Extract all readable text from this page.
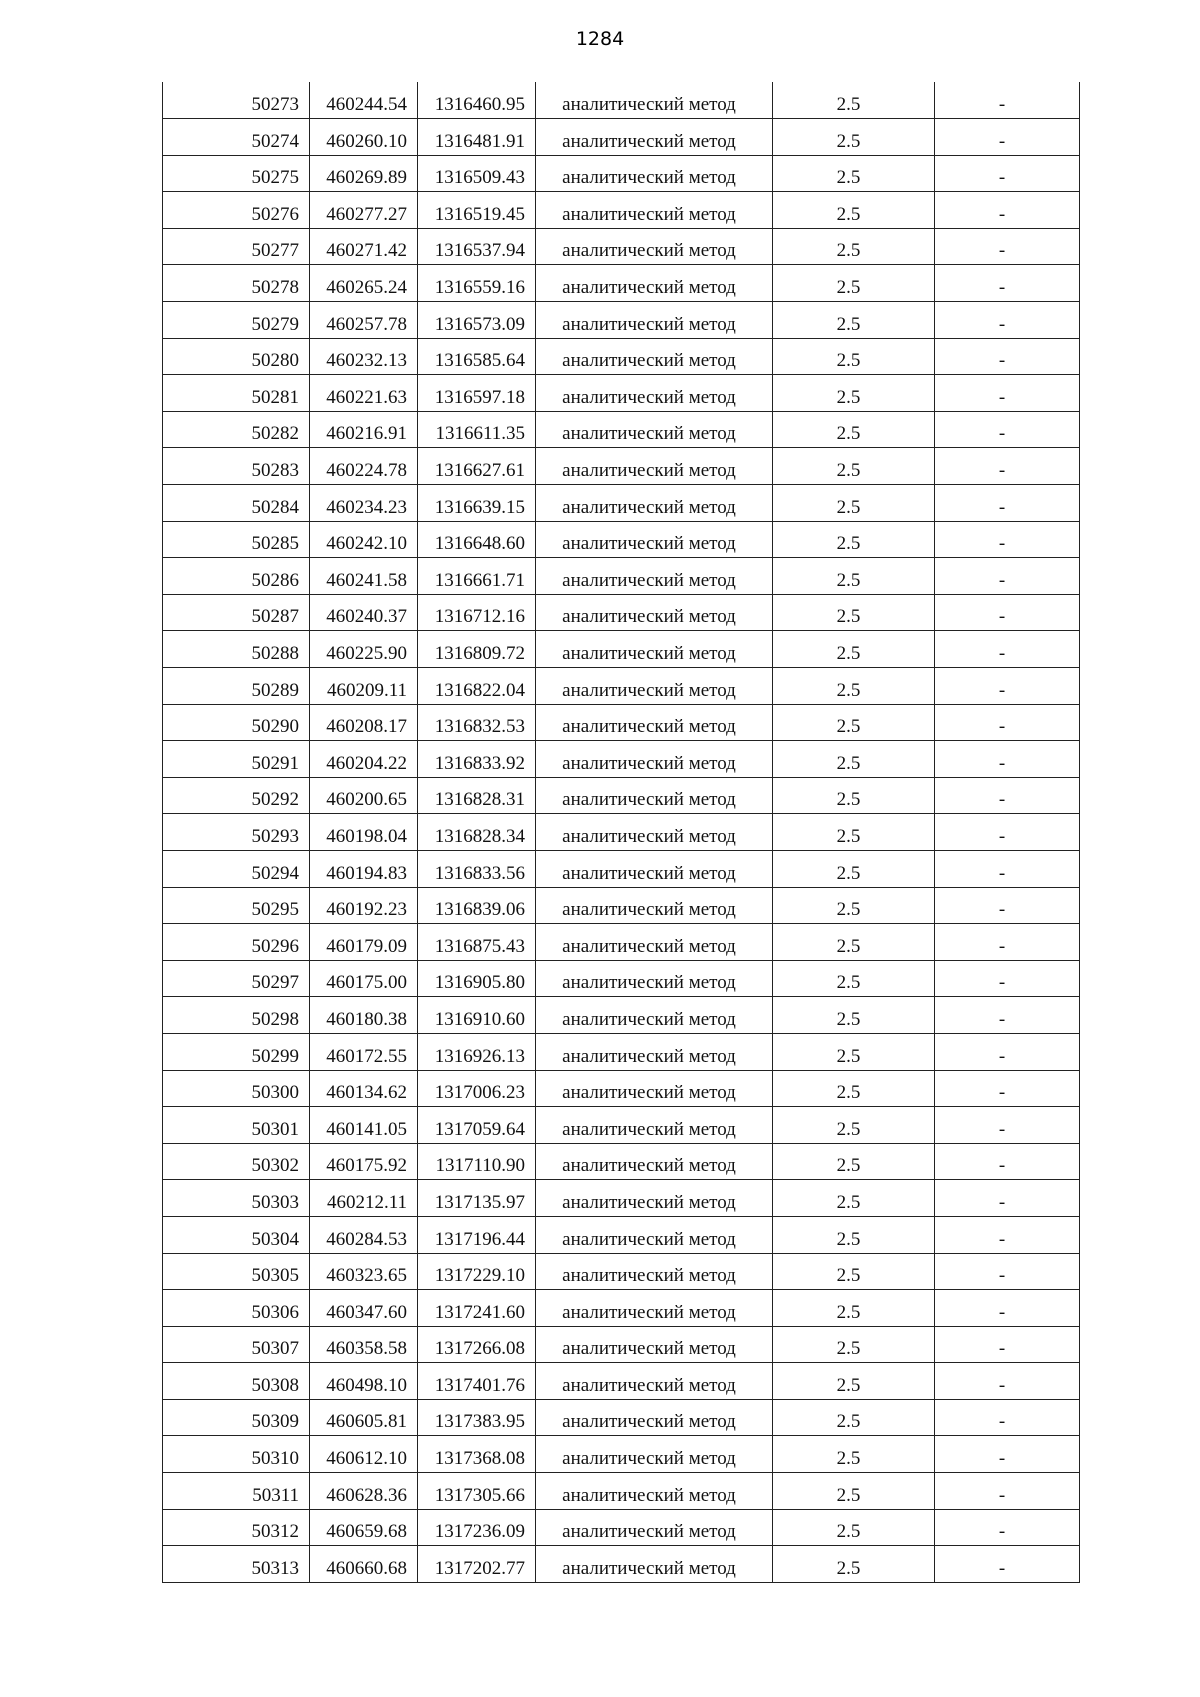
1284
50273	460244.54	1316460.95	аналитический метод	2.5	-
50274	460260.10	1316481.91	аналитический метод	2.5	-
50275	460269.89	1316509.43	аналитический метод	2.5	-
50276	460277.27	1316519.45	аналитический метод	2.5	-
50277	460271.42	1316537.94	аналитический метод	2.5	-
50278	460265.24	1316559.16	аналитический метод	2.5	-
50279	460257.78	1316573.09	аналитический метод	2.5	-
50280	460232.13	1316585.64	аналитический метод	2.5	-
50281	460221.63	1316597.18	аналитический метод	2.5	-
50282	460216.91	1316611.35	аналитический метод	2.5	-
50283	460224.78	1316627.61	аналитический метод	2.5	-
50284	460234.23	1316639.15	аналитический метод	2.5	-
50285	460242.10	1316648.60	аналитический метод	2.5	-
50286	460241.58	1316661.71	аналитический метод	2.5	-
50287	460240.37	1316712.16	аналитический метод	2.5	-
50288	460225.90	1316809.72	аналитический метод	2.5	-
50289	460209.11	1316822.04	аналитический метод	2.5	-
50290	460208.17	1316832.53	аналитический метод	2.5	-
50291	460204.22	1316833.92	аналитический метод	2.5	-
50292	460200.65	1316828.31	аналитический метод	2.5	-
50293	460198.04	1316828.34	аналитический метод	2.5	-
50294	460194.83	1316833.56	аналитический метод	2.5	-
50295	460192.23	1316839.06	аналитический метод	2.5	-
50296	460179.09	1316875.43	аналитический метод	2.5	-
50297	460175.00	1316905.80	аналитический метод	2.5	-
50298	460180.38	1316910.60	аналитический метод	2.5	-
50299	460172.55	1316926.13	аналитический метод	2.5	-
50300	460134.62	1317006.23	аналитический метод	2.5	-
50301	460141.05	1317059.64	аналитический метод	2.5	-
50302	460175.92	1317110.90	аналитический метод	2.5	-
50303	460212.11	1317135.97	аналитический метод	2.5	-
50304	460284.53	1317196.44	аналитический метод	2.5	-
50305	460323.65	1317229.10	аналитический метод	2.5	-
50306	460347.60	1317241.60	аналитический метод	2.5	-
50307	460358.58	1317266.08	аналитический метод	2.5	-
50308	460498.10	1317401.76	аналитический метод	2.5	-
50309	460605.81	1317383.95	аналитический метод	2.5	-
50310	460612.10	1317368.08	аналитический метод	2.5	-
50311	460628.36	1317305.66	аналитический метод	2.5	-
50312	460659.68	1317236.09	аналитический метод	2.5	-
50313	460660.68	1317202.77	аналитический метод	2.5	-
